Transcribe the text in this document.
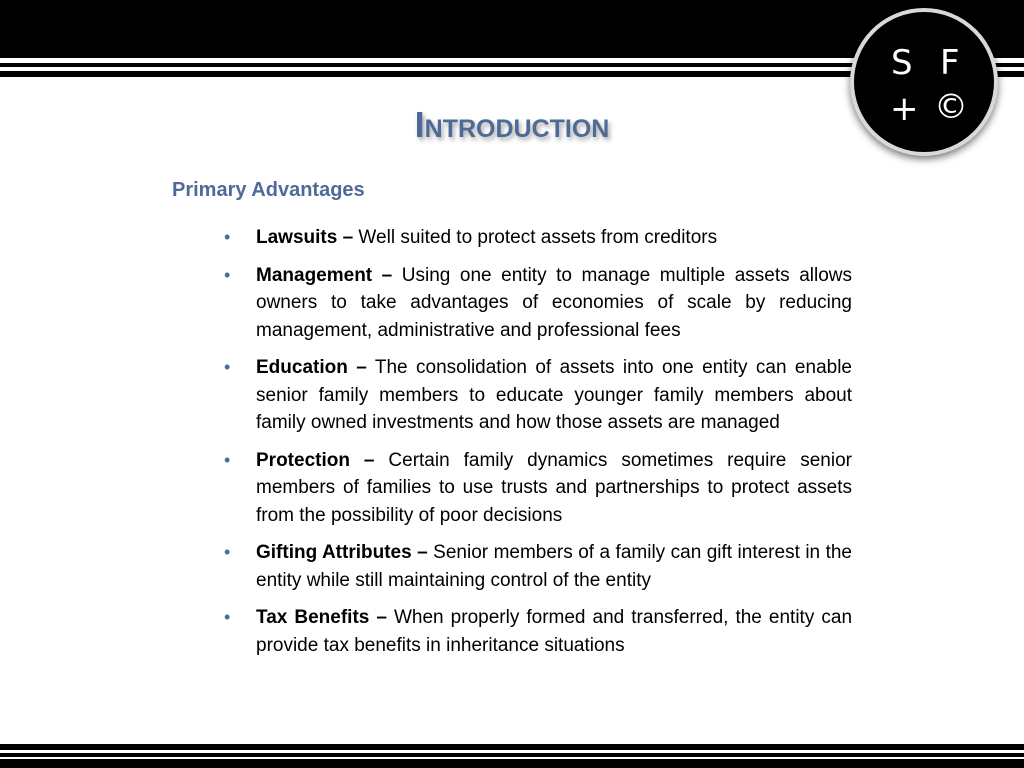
S F
+ ©
Introduction
Primary Advantages
• Lawsuits – Well suited to protect assets from creditors
• Management – Using one entity to manage multiple assets allows owners to take advantages of economies of scale by reducing management, administrative and professional fees
• Education – The consolidation of assets into one entity can enable senior family members to educate younger family members about family owned investments and how those assets are managed
• Protection – Certain family dynamics sometimes require senior members of families to use trusts and partnerships to protect assets from the possibility of poor decisions
• Gifting Attributes – Senior members of a family can gift interest in the entity while still maintaining control of the entity
• Tax Benefits – When properly formed and transferred, the entity can provide tax benefits in inheritance situations
